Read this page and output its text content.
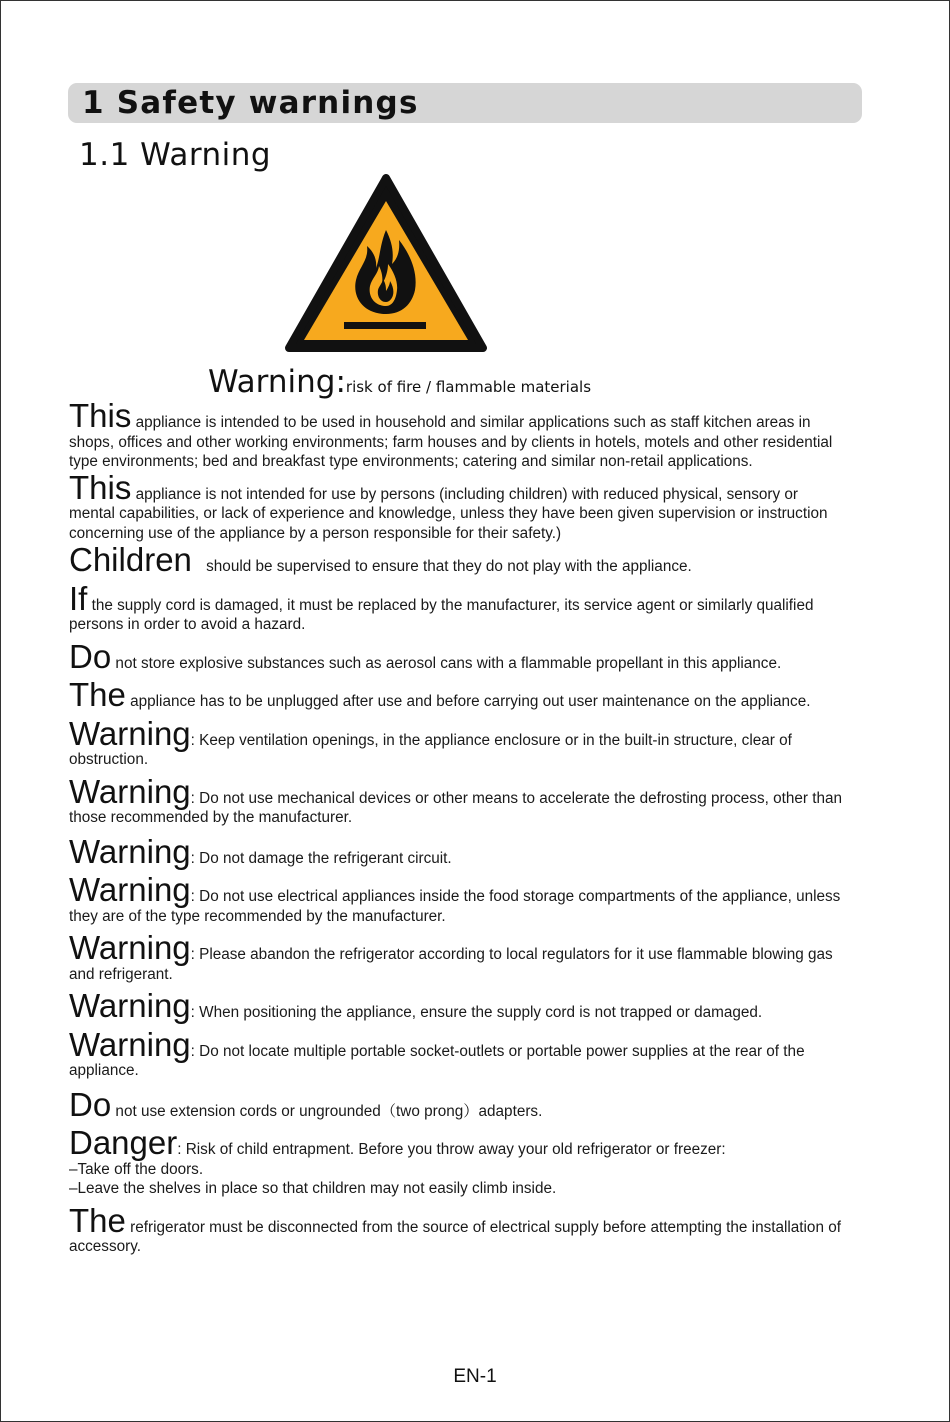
1 Safety warnings
1.1 Warning
Warning:risk of fire / flammable materials
This appliance is intended to be used in household and similar applications such as staff kitchen areas in shops, offices and other working environments; farm houses and by clients in hotels, motels and other residential type environments; bed and breakfast type environments; catering and similar non-retail applications.
This appliance is not intended for use by persons (including children) with reduced physical, sensory or mental capabilities, or lack of experience and knowledge, unless they have been given supervision or instruction concerning use of the appliance by a person responsible for their safety.)
Children should be supervised to ensure that they do not play with the appliance.
If the supply cord is damaged, it must be replaced by the manufacturer, its service agent or similarly qualified persons in order to avoid a hazard.
Do not store explosive substances such as aerosol cans with a flammable propellant in this appliance.
The appliance has to be unplugged after use and before carrying out user maintenance on the appliance.
Warning: Keep ventilation openings, in the appliance enclosure or in the built-in structure, clear of obstruction.
Warning: Do not use mechanical devices or other means to accelerate the defrosting process, other than those recommended by the manufacturer.
Warning: Do not damage the refrigerant circuit.
Warning: Do not use electrical appliances inside the food storage compartments of the appliance, unless they are of the type recommended by the manufacturer.
Warning: Please abandon the refrigerator according to local regulators for it use flammable blowing gas and refrigerant.
Warning: When positioning the appliance, ensure the supply cord is not trapped or damaged.
Warning: Do not locate multiple portable socket-outlets or portable power supplies at the rear of the appliance.
Do not use extension cords or ungrounded（two prong）adapters.
Danger: Risk of child entrapment. Before you throw away your old refrigerator or freezer:
–Take off the doors.
–Leave the shelves in place so that children may not easily climb inside.
The refrigerator must be disconnected from the source of electrical supply before attempting the installation of accessory.
EN-1
